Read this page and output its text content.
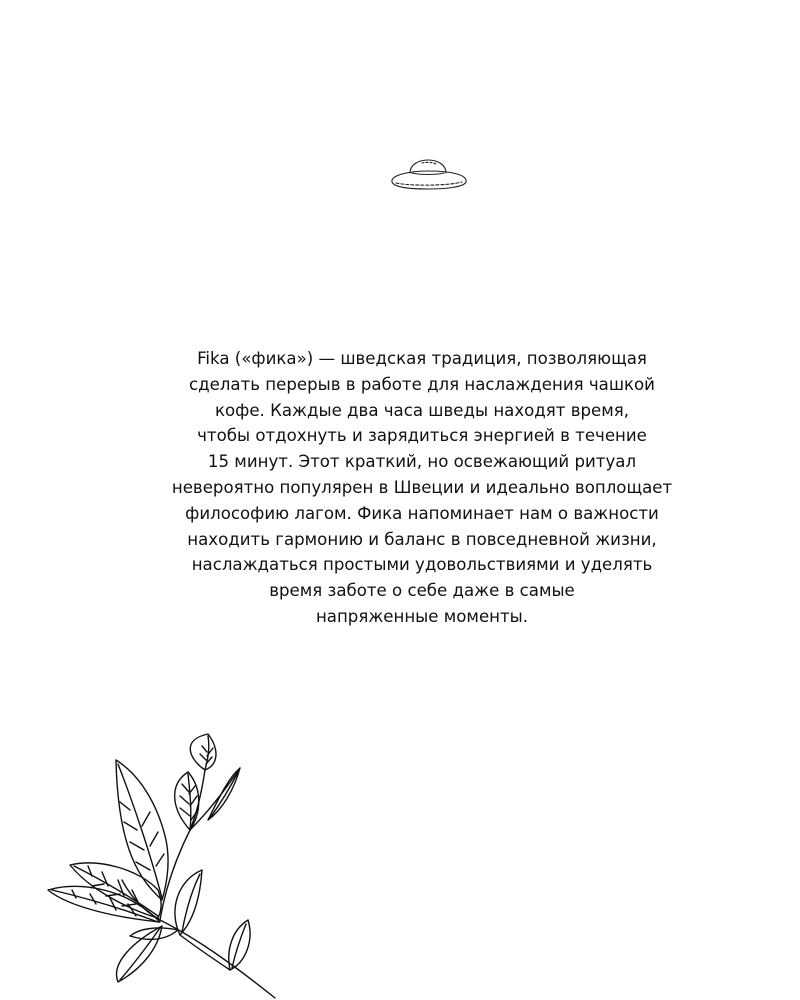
Fika («фика») — шведская традиция, позволяющая
сделать перерыв в работе для наслаждения чашкой
кофе. Каждые два часа шведы находят время,
чтобы отдохнуть и зарядиться энергией в течение
15 минут. Этот краткий, но освежающий ритуал
невероятно популярен в Швеции и идеально воплощает
философию лагом. Фика напоминает нам о важности
находить гармонию и баланс в повседневной жизни,
наслаждаться простыми удовольствиями и уделять
время заботе о себе даже в самые
напряженные моменты.
